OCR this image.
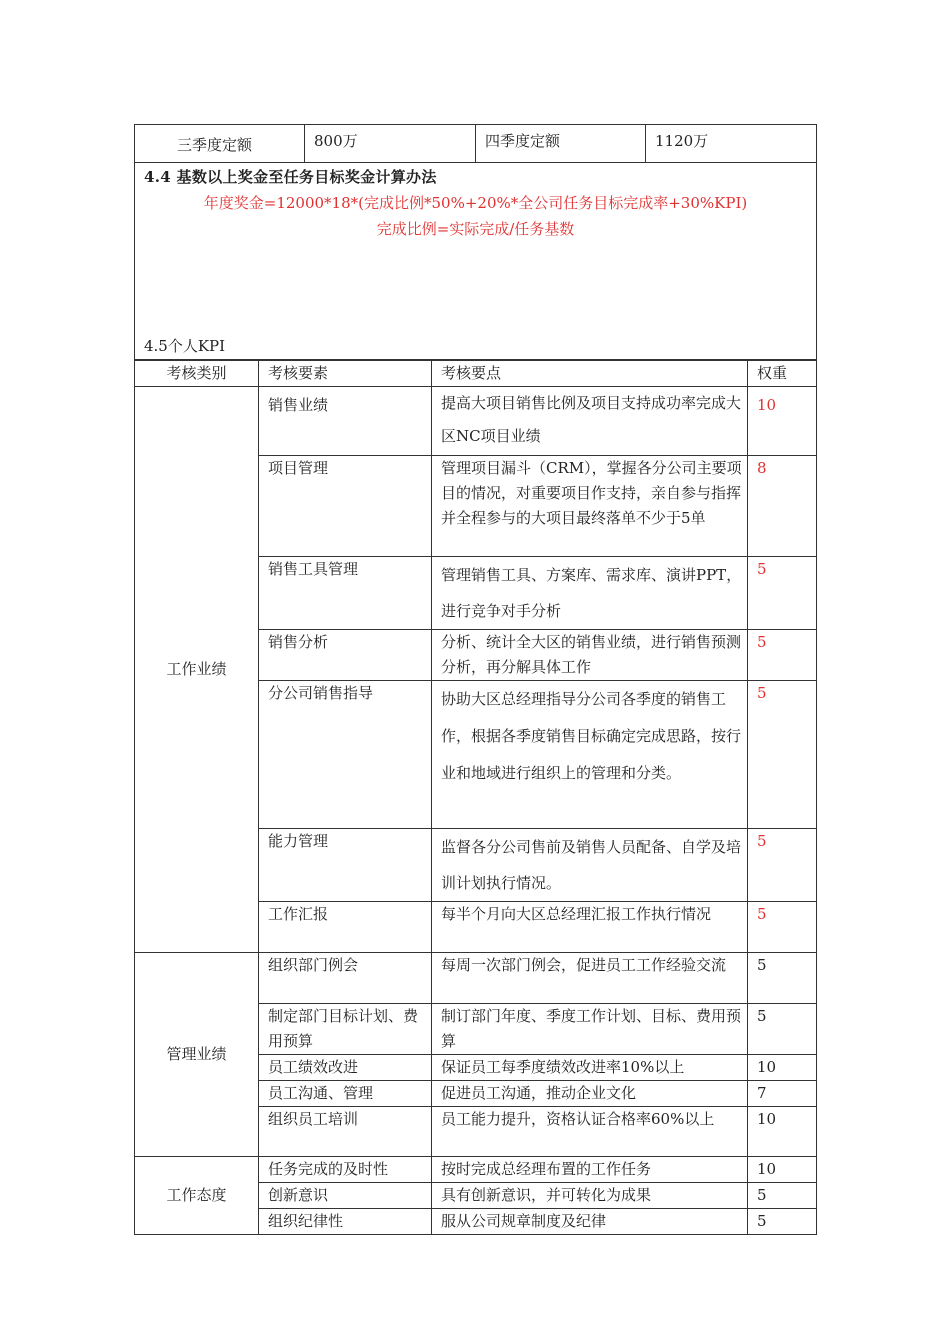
三季度定额	800万	四季度定额	1120万

4.4 基数以上奖金至任务目标奖金计算办法
年度奖金=12000*18*(完成比例*50%+20%*全公司任务目标完成率+30%KPI)
完成比例=实际完成/任务基数
4.5个人KPI
考核类别	考核要素	考核要点	权重
工作业绩	销售业绩	提高大项目销售比例及项目支持成功率完成大区NC项目业绩	10
	项目管理	管理项目漏斗（CRM），掌握各分公司主要项目的情况，对重要项目作支持，亲自参与指挥并全程参与的大项目最终落单不少于5单	8
	销售工具管理	管理销售工具、方案库、需求库、演讲PPT，进行竞争对手分析	5
	销售分析	分析、统计全大区的销售业绩，进行销售预测分析，再分解具体工作	5
	分公司销售指导	协助大区总经理指导分公司各季度的销售工作，根据各季度销售目标确定完成思路，按行业和地域进行组织上的管理和分类。	5
	能力管理	监督各分公司售前及销售人员配备、自学及培训计划执行情况。	5
	工作汇报	每半个月向大区总经理汇报工作执行情况	5
管理业绩	组织部门例会	每周一次部门例会，促进员工工作经验交流	5
	制定部门目标计划、费用预算	制订部门年度、季度工作计划、目标、费用预算	5
	员工绩效改进	保证员工每季度绩效改进率10%以上	10
	员工沟通、管理	促进员工沟通，推动企业文化	7
	组织员工培训	员工能力提升，资格认证合格率60%以上	10
工作态度	任务完成的及时性	按时完成总经理布置的工作任务	10
	创新意识	具有创新意识，并可转化为成果	5
	组织纪律性	服从公司规章制度及纪律	5
